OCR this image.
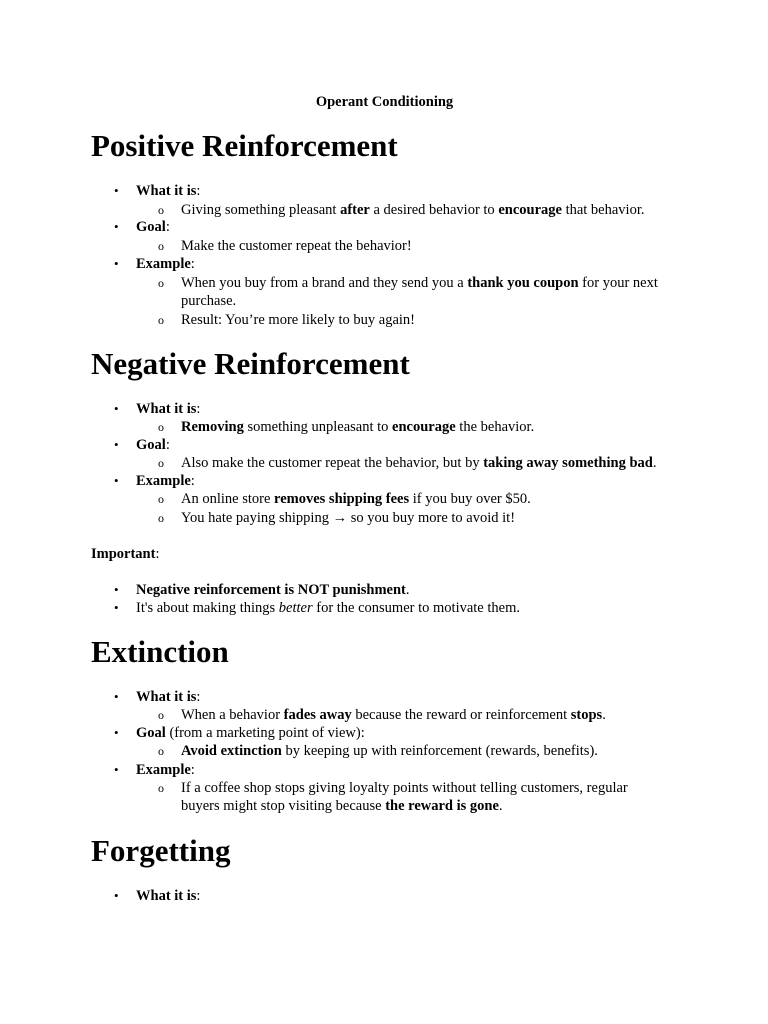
Operant Conditioning
Positive Reinforcement
• What it is:
o Giving something pleasant after a desired behavior to encourage that behavior.
• Goal:
o Make the customer repeat the behavior!
• Example:
o When you buy from a brand and they send you a thank you coupon for your next
purchase.
o Result: You’re more likely to buy again!
Negative Reinforcement
• What it is:
o Removing something unpleasant to encourage the behavior.
• Goal:
o Also make the customer repeat the behavior, but by taking away something bad.
• Example:
o An online store removes shipping fees if you buy over $50.
o You hate paying shipping → so you buy more to avoid it!
Important:
• Negative reinforcement is NOT punishment.
• It's about making things better for the consumer to motivate them.
Extinction
• What it is:
o When a behavior fades away because the reward or reinforcement stops.
• Goal (from a marketing point of view):
o Avoid extinction by keeping up with reinforcement (rewards, benefits).
• Example:
o If a coffee shop stops giving loyalty points without telling customers, regular
buyers might stop visiting because the reward is gone.
Forgetting
• What it is:
